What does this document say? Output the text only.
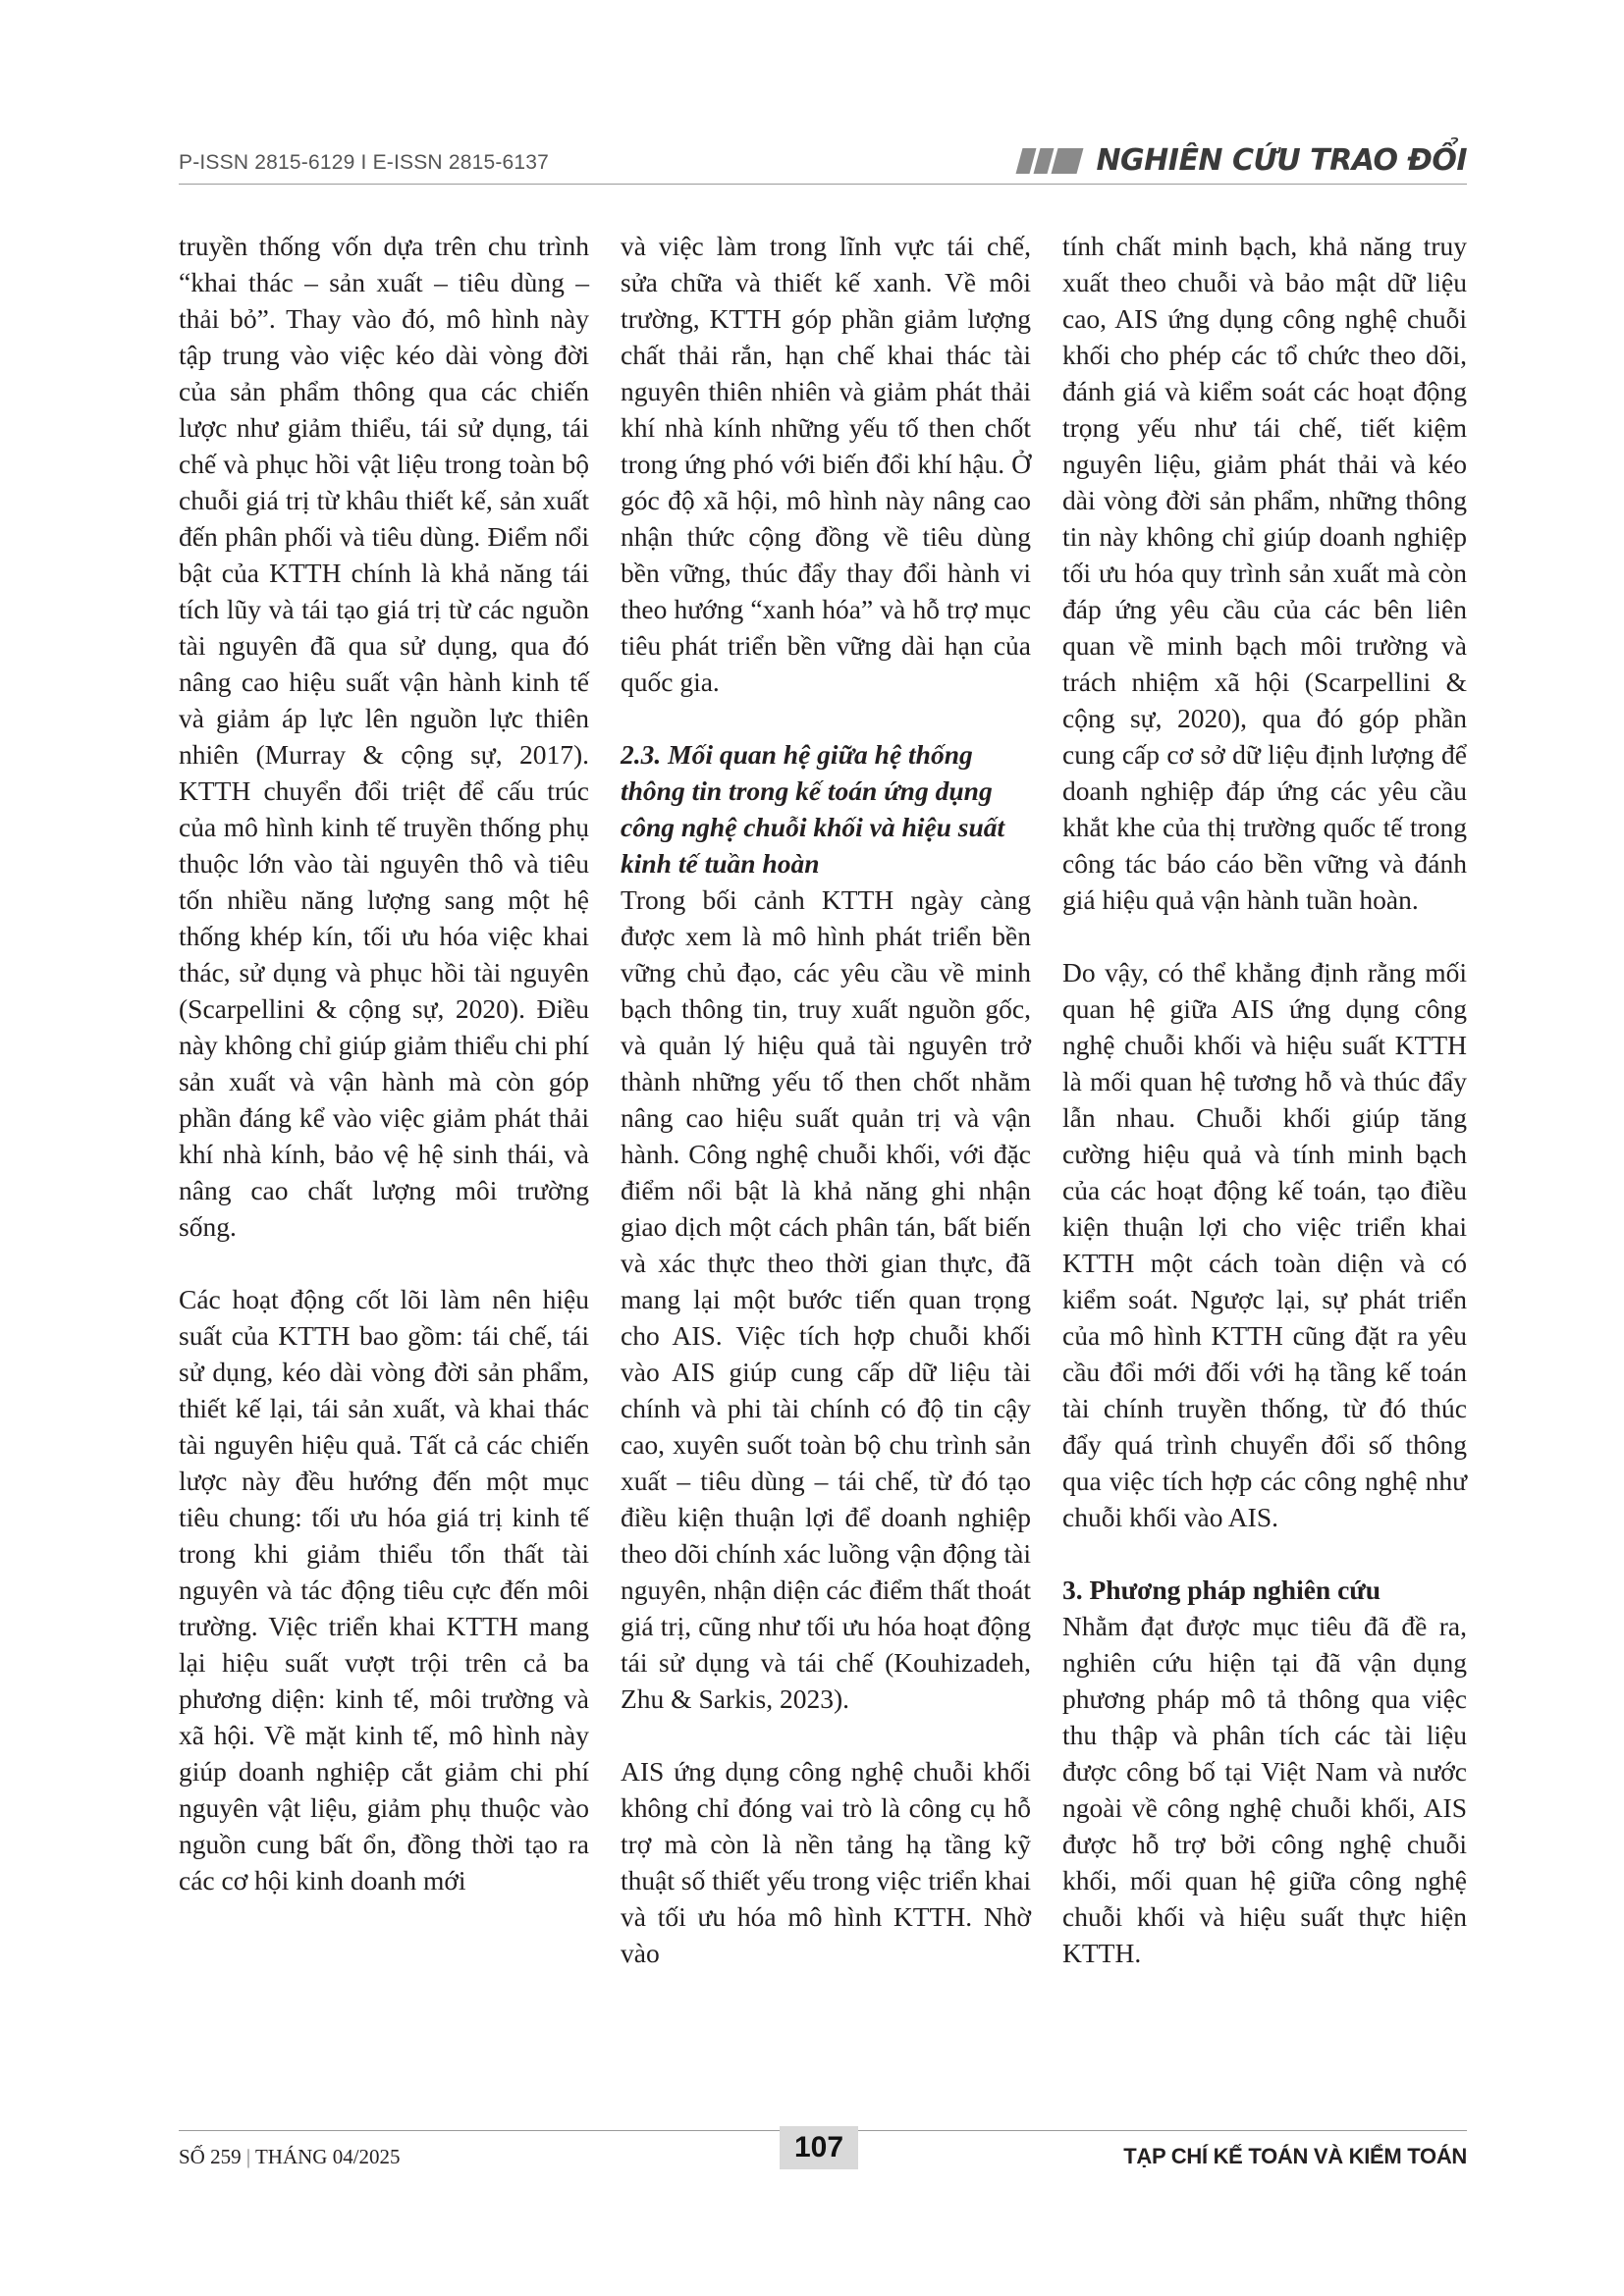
P-ISSN 2815-6129 I E-ISSN 2815-6137	NGHIÊN CỨU TRAO ĐỔI

truyền thống vốn dựa trên chu trình “khai thác – sản xuất – tiêu dùng – thải bỏ”. Thay vào đó, mô hình này tập trung vào việc kéo dài vòng đời của sản phẩm thông qua các chiến lược như giảm thiểu, tái sử dụng, tái chế và phục hồi vật liệu trong toàn bộ chuỗi giá trị từ khâu thiết kế, sản xuất đến phân phối và tiêu dùng. Điểm nổi bật của KTTH chính là khả năng tái tích lũy và tái tạo giá trị từ các nguồn tài nguyên đã qua sử dụng, qua đó nâng cao hiệu suất vận hành kinh tế và giảm áp lực lên nguồn lực thiên nhiên (Murray & cộng sự, 2017). KTTH chuyển đổi triệt để cấu trúc của mô hình kinh tế truyền thống phụ thuộc lớn vào tài nguyên thô và tiêu tốn nhiều năng lượng sang một hệ thống khép kín, tối ưu hóa việc khai thác, sử dụng và phục hồi tài nguyên (Scarpellini & cộng sự, 2020). Điều này không chỉ giúp giảm thiểu chi phí sản xuất và vận hành mà còn góp phần đáng kể vào việc giảm phát thải khí nhà kính, bảo vệ hệ sinh thái, và nâng cao chất lượng môi trường sống.

Các hoạt động cốt lõi làm nên hiệu suất của KTTH bao gồm: tái chế, tái sử dụng, kéo dài vòng đời sản phẩm, thiết kế lại, tái sản xuất, và khai thác tài nguyên hiệu quả. Tất cả các chiến lược này đều hướng đến một mục tiêu chung: tối ưu hóa giá trị kinh tế trong khi giảm thiểu tổn thất tài nguyên và tác động tiêu cực đến môi trường. Việc triển khai KTTH mang lại hiệu suất vượt trội trên cả ba phương diện: kinh tế, môi trường và xã hội. Về mặt kinh tế, mô hình này giúp doanh nghiệp cắt giảm chi phí nguyên vật liệu, giảm phụ thuộc vào nguồn cung bất ổn, đồng thời tạo ra các cơ hội kinh doanh mới

và việc làm trong lĩnh vực tái chế, sửa chữa và thiết kế xanh. Về môi trường, KTTH góp phần giảm lượng chất thải rắn, hạn chế khai thác tài nguyên thiên nhiên và giảm phát thải khí nhà kính những yếu tố then chốt trong ứng phó với biến đổi khí hậu. Ở góc độ xã hội, mô hình này nâng cao nhận thức cộng đồng về tiêu dùng bền vững, thúc đẩy thay đổi hành vi theo hướng “xanh hóa” và hỗ trợ mục tiêu phát triển bền vững dài hạn của quốc gia.

2.3. Mối quan hệ giữa hệ thống thông tin trong kế toán ứng dụng công nghệ chuỗi khối và hiệu suất kinh tế tuần hoàn

Trong bối cảnh KTTH ngày càng được xem là mô hình phát triển bền vững chủ đạo, các yêu cầu về minh bạch thông tin, truy xuất nguồn gốc, và quản lý hiệu quả tài nguyên trở thành những yếu tố then chốt nhằm nâng cao hiệu suất quản trị và vận hành. Công nghệ chuỗi khối, với đặc điểm nổi bật là khả năng ghi nhận giao dịch một cách phân tán, bất biến và xác thực theo thời gian thực, đã mang lại một bước tiến quan trọng cho AIS. Việc tích hợp chuỗi khối vào AIS giúp cung cấp dữ liệu tài chính và phi tài chính có độ tin cậy cao, xuyên suốt toàn bộ chu trình sản xuất – tiêu dùng – tái chế, từ đó tạo điều kiện thuận lợi để doanh nghiệp theo dõi chính xác luồng vận động tài nguyên, nhận diện các điểm thất thoát giá trị, cũng như tối ưu hóa hoạt động tái sử dụng và tái chế (Kouhizadeh, Zhu & Sarkis, 2023).

AIS ứng dụng công nghệ chuỗi khối không chỉ đóng vai trò là công cụ hỗ trợ mà còn là nền tảng hạ tầng kỹ thuật số thiết yếu trong việc triển khai và tối ưu hóa mô hình KTTH. Nhờ vào

tính chất minh bạch, khả năng truy xuất theo chuỗi và bảo mật dữ liệu cao, AIS ứng dụng công nghệ chuỗi khối cho phép các tổ chức theo dõi, đánh giá và kiểm soát các hoạt động trọng yếu như tái chế, tiết kiệm nguyên liệu, giảm phát thải và kéo dài vòng đời sản phẩm, những thông tin này không chỉ giúp doanh nghiệp tối ưu hóa quy trình sản xuất mà còn đáp ứng yêu cầu của các bên liên quan về minh bạch môi trường và trách nhiệm xã hội (Scarpellini & cộng sự, 2020), qua đó góp phần cung cấp cơ sở dữ liệu định lượng để doanh nghiệp đáp ứng các yêu cầu khắt khe của thị trường quốc tế trong công tác báo cáo bền vững và đánh giá hiệu quả vận hành tuần hoàn.

Do vậy, có thể khẳng định rằng mối quan hệ giữa AIS ứng dụng công nghệ chuỗi khối và hiệu suất KTTH là mối quan hệ tương hỗ và thúc đẩy lẫn nhau. Chuỗi khối giúp tăng cường hiệu quả và tính minh bạch của các hoạt động kế toán, tạo điều kiện thuận lợi cho việc triển khai KTTH một cách toàn diện và có kiểm soát. Ngược lại, sự phát triển của mô hình KTTH cũng đặt ra yêu cầu đổi mới đối với hạ tầng kế toán tài chính truyền thống, từ đó thúc đẩy quá trình chuyển đổi số thông qua việc tích hợp các công nghệ như chuỗi khối vào AIS.

3. Phương pháp nghiên cứu

Nhằm đạt được mục tiêu đã đề ra, nghiên cứu hiện tại đã vận dụng phương pháp mô tả thông qua việc thu thập và phân tích các tài liệu được công bố tại Việt Nam và nước ngoài về công nghệ chuỗi khối, AIS được hỗ trợ bởi công nghệ chuỗi khối, mối quan hệ giữa công nghệ chuỗi khối và hiệu suất thực hiện KTTH.

SỐ 259 | THÁNG 04/2025	107	TẠP CHÍ KẾ TOÁN VÀ KIỂM TOÁN
